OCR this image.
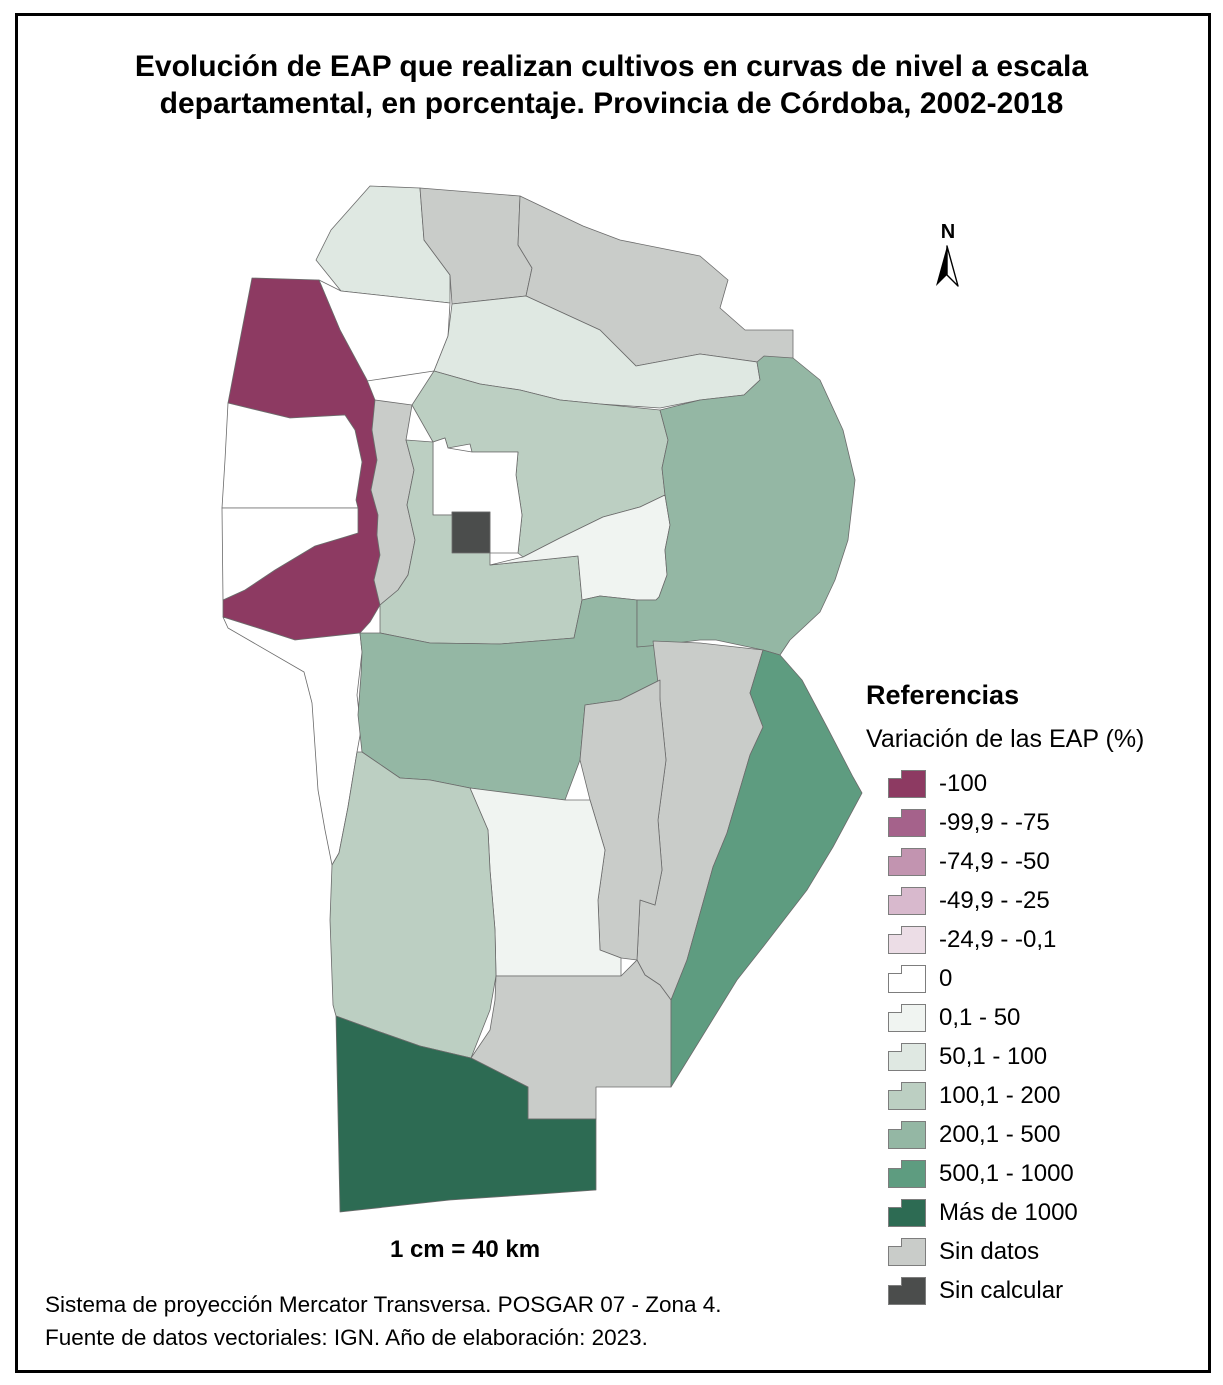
Evolución de EAP que realizan cultivos en curvas de nivel a escala departamental, en porcentaje. Provincia de Córdoba, 2002-2018
N

Referencias

Variación de las EAP (%)

-100
-99,9 - -75
-74,9 - -50
-49,9 - -25
-24,9 - -0,1
0
0,1 - 50
50,1 - 100
100,1 - 200
200,1 - 500
500,1 - 1000
Más de 1000
Sin datos
Sin calcular
1 cm = 40 km
Sistema de proyección Mercator Transversa. POSGAR 07 - Zona 4.
Fuente de datos vectoriales: IGN. Año de elaboración: 2023.
